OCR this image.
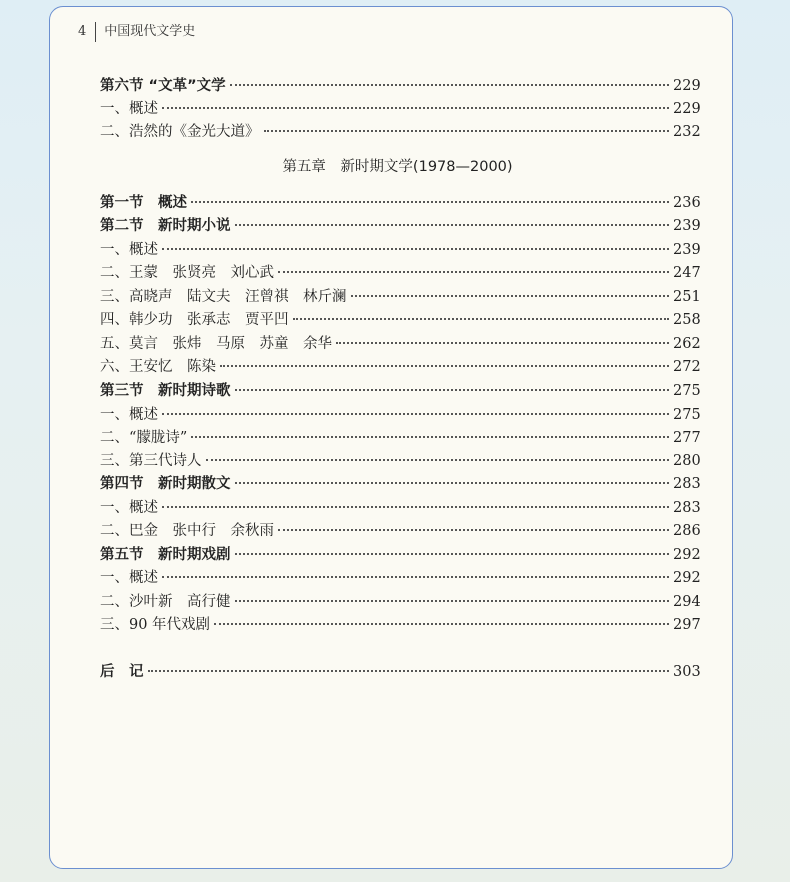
4	中国现代文学史
第六节 “文革”文学	229
一、概述	229
二、浩然的《金光大道》	232
第五章　新时期文学(1978—2000)
第一节　概述	236
第二节　新时期小说	239
一、概述	239
二、王蒙　张贤亮　刘心武	247
三、高晓声　陆文夫　汪曾祺　林斤澜	251
四、韩少功　张承志　贾平凹	258
五、莫言　张炜　马原　苏童　余华	262
六、王安忆　陈染	272
第三节　新时期诗歌	275
一、概述	275
二、“朦胧诗”	277
三、第三代诗人	280
第四节　新时期散文	283
一、概述	283
二、巴金　张中行　余秋雨	286
第五节　新时期戏剧	292
一、概述	292
二、沙叶新　高行健	294
三、90 年代戏剧	297
后　记	303
